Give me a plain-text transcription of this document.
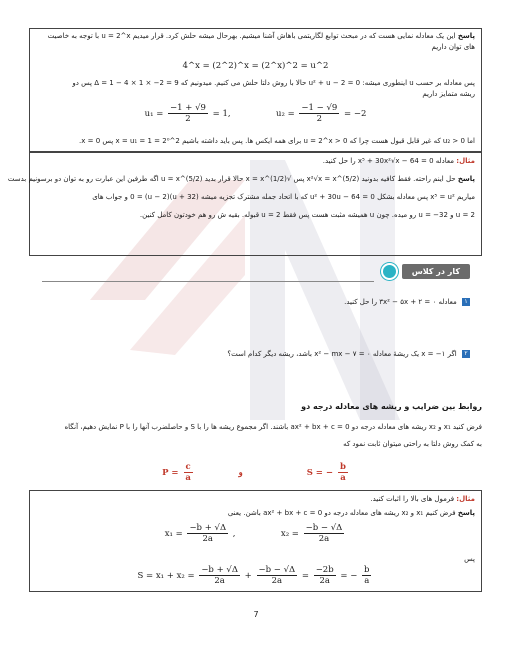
پاسخ این یک معادله نمایی هست که در مبحث توابع لگاریتمی باهاش آشنا میشیم. بهرحال میشه حلش کرد. قرار میدیم u = 2^x با توجه به خاصیت
های توان داریم
4^x = (2^2)^x = (2^x)^2 = u^2
پس معادله بر حسب u اینطوری میشه: u² + u − 2 = 0 حالا با روش دلتا حلش می کنیم. میدونیم که Δ = 1 − 4 × 1 × −2 = 9 پس دو
ریشه متمایز داریم
$u_1 = \frac{-1 + √9}{2} = 1$,	$u_2 = \frac{-1 - √9}{2} = -2$
اما 0 < u₂ که غیر قابل قبول هست چرا که u = 2^x > 0 برای همه ایکس ها. پس باید داشته باشیم 2^x = u₁ = 1 = 2⁰ پس x = 0.
مثال: معادله x⁵ + 30x²√x − 64 = 0 را حل کنید.
پاسخ حل اینم راحته. فقط کافیه بدونید x²√x = x^(5/2) پس √x = x^(1/2) حالا قرار بدید u = x^(5/2) اگه طرفین این عبارت رو به توان دو برسونیم بدست
میاریم x⁵ = u² پس معادله بشکل u² + 30u − 64 = 0 که با اتحاد جمله مشترک تجزیه میشه (u + 32)(u − 2) = 0 و جواب های
u = 2 و u = −32 رو میده. چون u همیشه مثبت هست پس فقط u = 2 قبوله. بقیه ش رو هم خودتون کامل کنین.
کار در کلاس
۱ معادله ۳x² − ۵x + ۲ = ۰ را حل کنید.
۲ اگر x = −۱ یک ریشهٔ معادله x² − mx − ۷ = ۰ باشد، ریشه دیگر کدام است؟
روابط بین ضرایب و ریشه های معادله درجه دو
فرض کنید x₁ و x₂ ریشه های معادله درجه دو ax² + bx + c = 0 باشند. اگر مجموع ریشه ها را با S و حاصلضرب آنها را با P نمایش دهیم، آنگاه
به کمک روش دلتا به راحتی میتوان ثابت نمود که
$P = \frac{c}{a}$	و	S = − $\frac{b}{a}$
مثال: فرمول های بالا را اثبات کنید.
پاسخ فرض کنیم x₁ و x₂ ریشه های معادله درجه دو ax² + bx + c = 0 باشن. یعنی
$x_1 = \frac{-b + √\Delta}{2a}$ ,	$x_2 = \frac{-b - √\Delta}{2a}$
پس
$S = x_1 + x_2 = \frac{-b + √\Delta}{2a} + \frac{-b - √\Delta}{2a} = \frac{-2b}{2a}$ = − $\frac{b}{a}$
7
